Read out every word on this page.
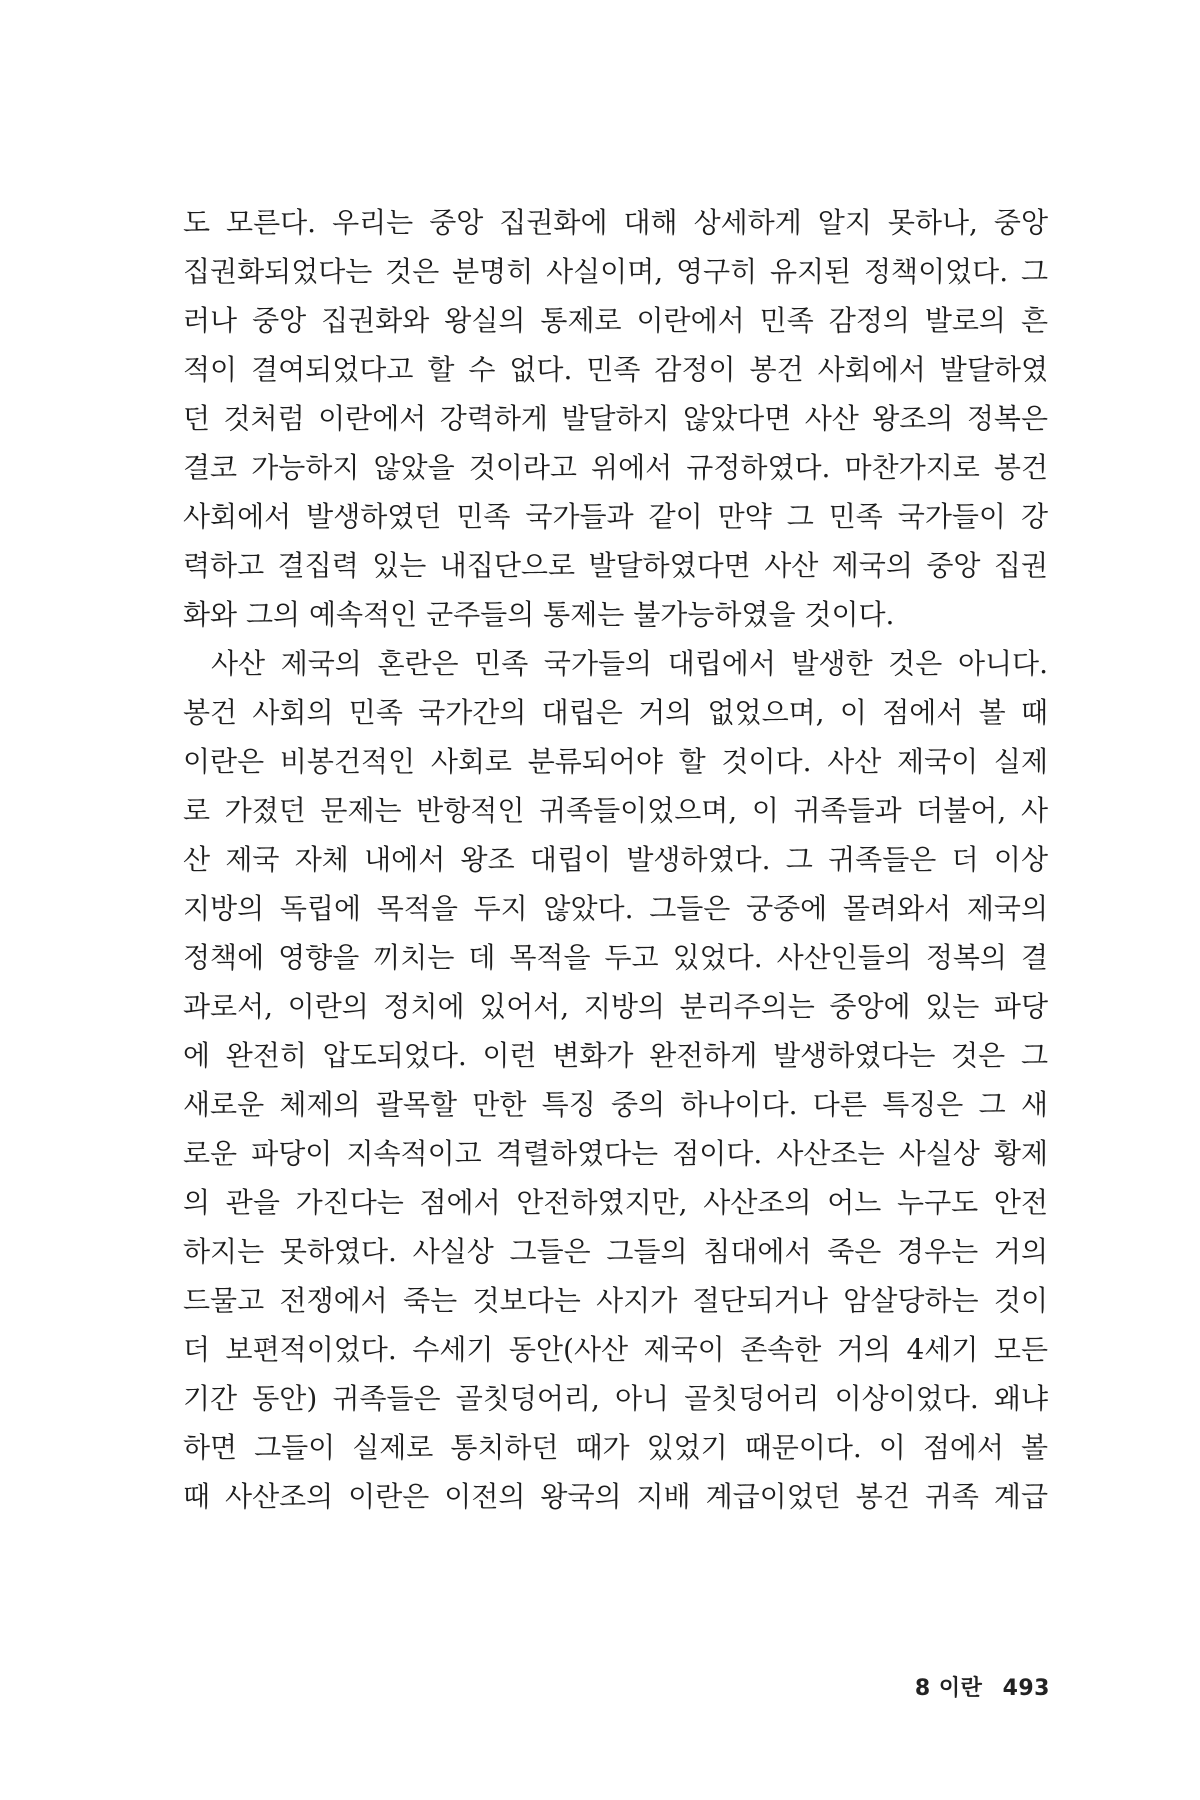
도 모른다. 우리는 중앙 집권화에 대해 상세하게 알지 못하나, 중앙
집권화되었다는 것은 분명히 사실이며, 영구히 유지된 정책이었다. 그
러나 중앙 집권화와 왕실의 통제로 이란에서 민족 감정의 발로의 흔
적이 결여되었다고 할 수 없다. 민족 감정이 봉건 사회에서 발달하였
던 것처럼 이란에서 강력하게 발달하지 않았다면 사산 왕조의 정복은
결코 가능하지 않았을 것이라고 위에서 규정하였다. 마찬가지로 봉건
사회에서 발생하였던 민족 국가들과 같이 만약 그 민족 국가들이 강
력하고 결집력 있는 내집단으로 발달하였다면 사산 제국의 중앙 집권
화와 그의 예속적인 군주들의 통제는 불가능하였을 것이다.
사산 제국의 혼란은 민족 국가들의 대립에서 발생한 것은 아니다.
봉건 사회의 민족 국가간의 대립은 거의 없었으며, 이 점에서 볼 때
이란은 비봉건적인 사회로 분류되어야 할 것이다. 사산 제국이 실제
로 가졌던 문제는 반항적인 귀족들이었으며, 이 귀족들과 더불어, 사
산 제국 자체 내에서 왕조 대립이 발생하였다. 그 귀족들은 더 이상
지방의 독립에 목적을 두지 않았다. 그들은 궁중에 몰려와서 제국의
정책에 영향을 끼치는 데 목적을 두고 있었다. 사산인들의 정복의 결
과로서, 이란의 정치에 있어서, 지방의 분리주의는 중앙에 있는 파당
에 완전히 압도되었다. 이런 변화가 완전하게 발생하였다는 것은 그
새로운 체제의 괄목할 만한 특징 중의 하나이다. 다른 특징은 그 새
로운 파당이 지속적이고 격렬하였다는 점이다. 사산조는 사실상 황제
의 관을 가진다는 점에서 안전하였지만, 사산조의 어느 누구도 안전
하지는 못하였다. 사실상 그들은 그들의 침대에서 죽은 경우는 거의
드물고 전쟁에서 죽는 것보다는 사지가 절단되거나 암살당하는 것이
더 보편적이었다. 수세기 동안(사산 제국이 존속한 거의 4세기 모든
기간 동안) 귀족들은 골칫덩어리, 아니 골칫덩어리 이상이었다. 왜냐
하면 그들이 실제로 통치하던 때가 있었기 때문이다. 이 점에서 볼
때 사산조의 이란은 이전의 왕국의 지배 계급이었던 봉건 귀족 계급
8 이란 493
